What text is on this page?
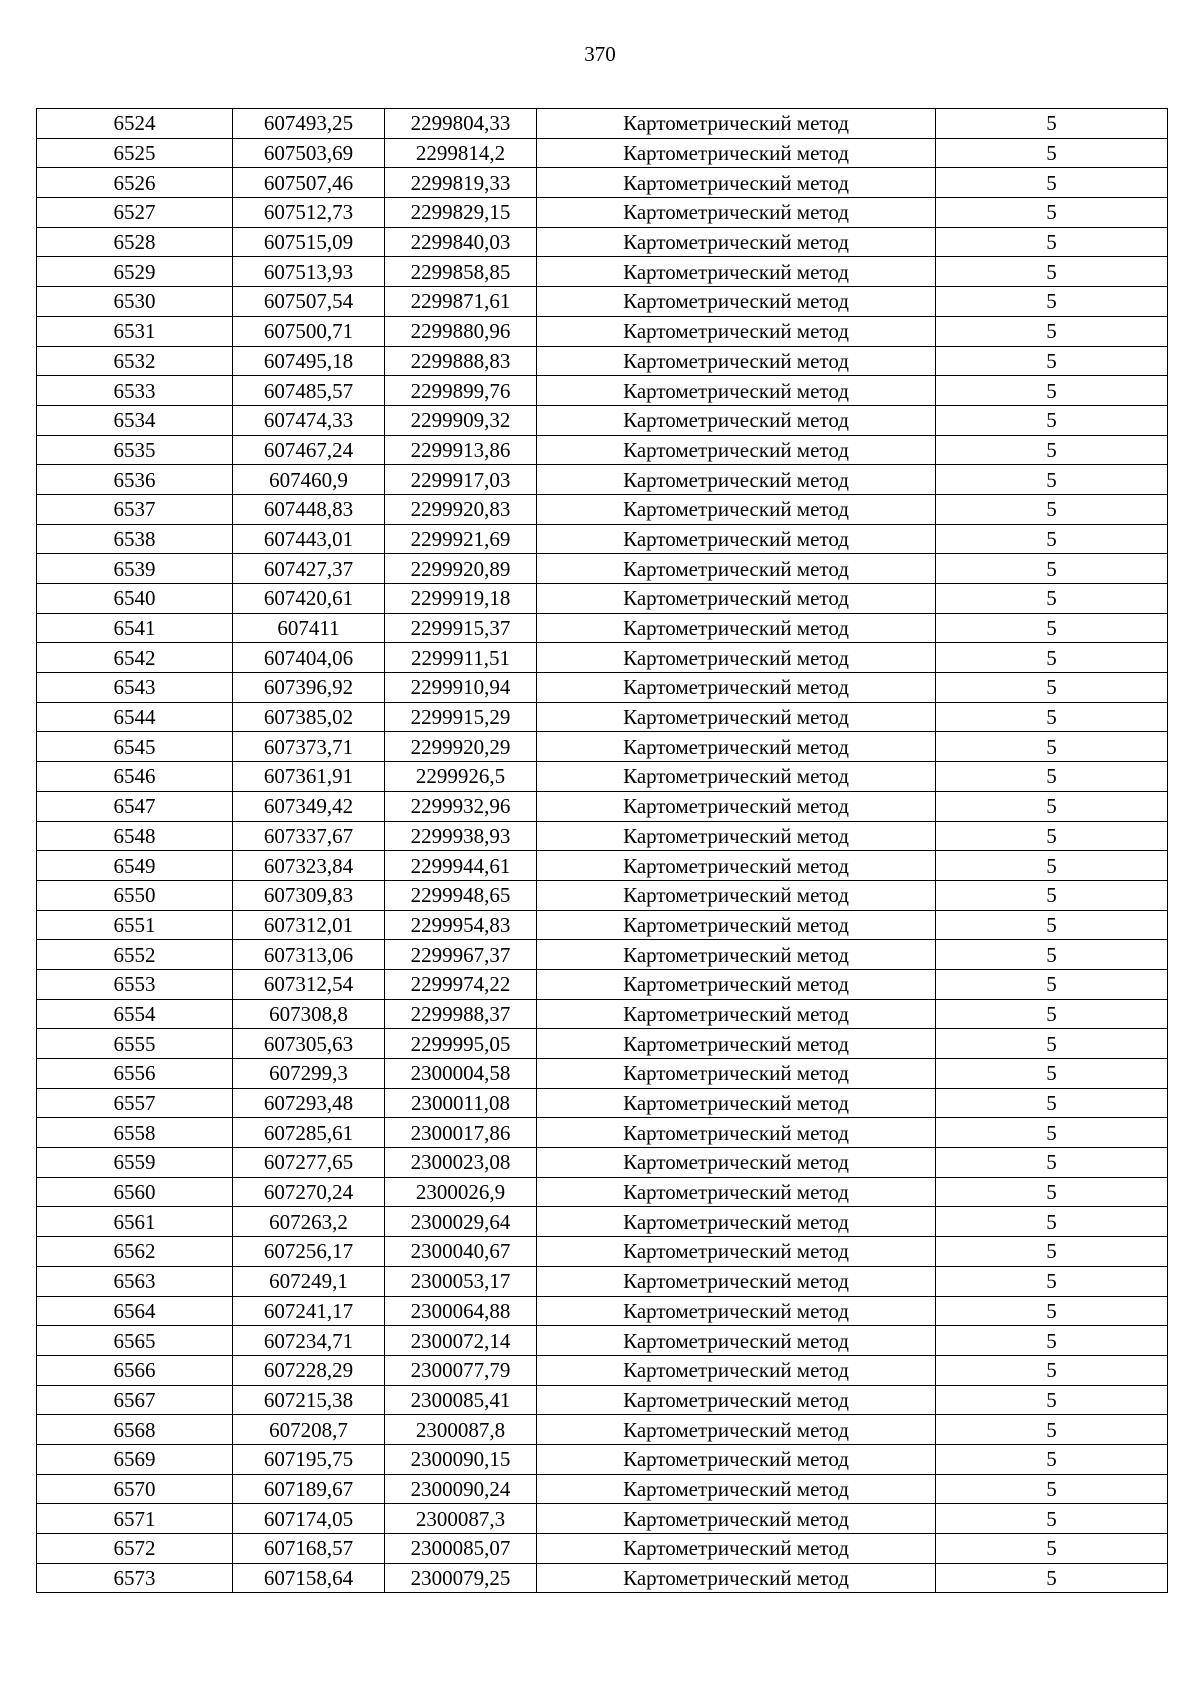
370
6524	607493,25	2299804,33	Картометрический метод	5
6525	607503,69	2299814,2	Картометрический метод	5
6526	607507,46	2299819,33	Картометрический метод	5
6527	607512,73	2299829,15	Картометрический метод	5
6528	607515,09	2299840,03	Картометрический метод	5
6529	607513,93	2299858,85	Картометрический метод	5
6530	607507,54	2299871,61	Картометрический метод	5
6531	607500,71	2299880,96	Картометрический метод	5
6532	607495,18	2299888,83	Картометрический метод	5
6533	607485,57	2299899,76	Картометрический метод	5
6534	607474,33	2299909,32	Картометрический метод	5
6535	607467,24	2299913,86	Картометрический метод	5
6536	607460,9	2299917,03	Картометрический метод	5
6537	607448,83	2299920,83	Картометрический метод	5
6538	607443,01	2299921,69	Картометрический метод	5
6539	607427,37	2299920,89	Картометрический метод	5
6540	607420,61	2299919,18	Картометрический метод	5
6541	607411	2299915,37	Картометрический метод	5
6542	607404,06	2299911,51	Картометрический метод	5
6543	607396,92	2299910,94	Картометрический метод	5
6544	607385,02	2299915,29	Картометрический метод	5
6545	607373,71	2299920,29	Картометрический метод	5
6546	607361,91	2299926,5	Картометрический метод	5
6547	607349,42	2299932,96	Картометрический метод	5
6548	607337,67	2299938,93	Картометрический метод	5
6549	607323,84	2299944,61	Картометрический метод	5
6550	607309,83	2299948,65	Картометрический метод	5
6551	607312,01	2299954,83	Картометрический метод	5
6552	607313,06	2299967,37	Картометрический метод	5
6553	607312,54	2299974,22	Картометрический метод	5
6554	607308,8	2299988,37	Картометрический метод	5
6555	607305,63	2299995,05	Картометрический метод	5
6556	607299,3	2300004,58	Картометрический метод	5
6557	607293,48	2300011,08	Картометрический метод	5
6558	607285,61	2300017,86	Картометрический метод	5
6559	607277,65	2300023,08	Картометрический метод	5
6560	607270,24	2300026,9	Картометрический метод	5
6561	607263,2	2300029,64	Картометрический метод	5
6562	607256,17	2300040,67	Картометрический метод	5
6563	607249,1	2300053,17	Картометрический метод	5
6564	607241,17	2300064,88	Картометрический метод	5
6565	607234,71	2300072,14	Картометрический метод	5
6566	607228,29	2300077,79	Картометрический метод	5
6567	607215,38	2300085,41	Картометрический метод	5
6568	607208,7	2300087,8	Картометрический метод	5
6569	607195,75	2300090,15	Картометрический метод	5
6570	607189,67	2300090,24	Картометрический метод	5
6571	607174,05	2300087,3	Картометрический метод	5
6572	607168,57	2300085,07	Картометрический метод	5
6573	607158,64	2300079,25	Картометрический метод	5
